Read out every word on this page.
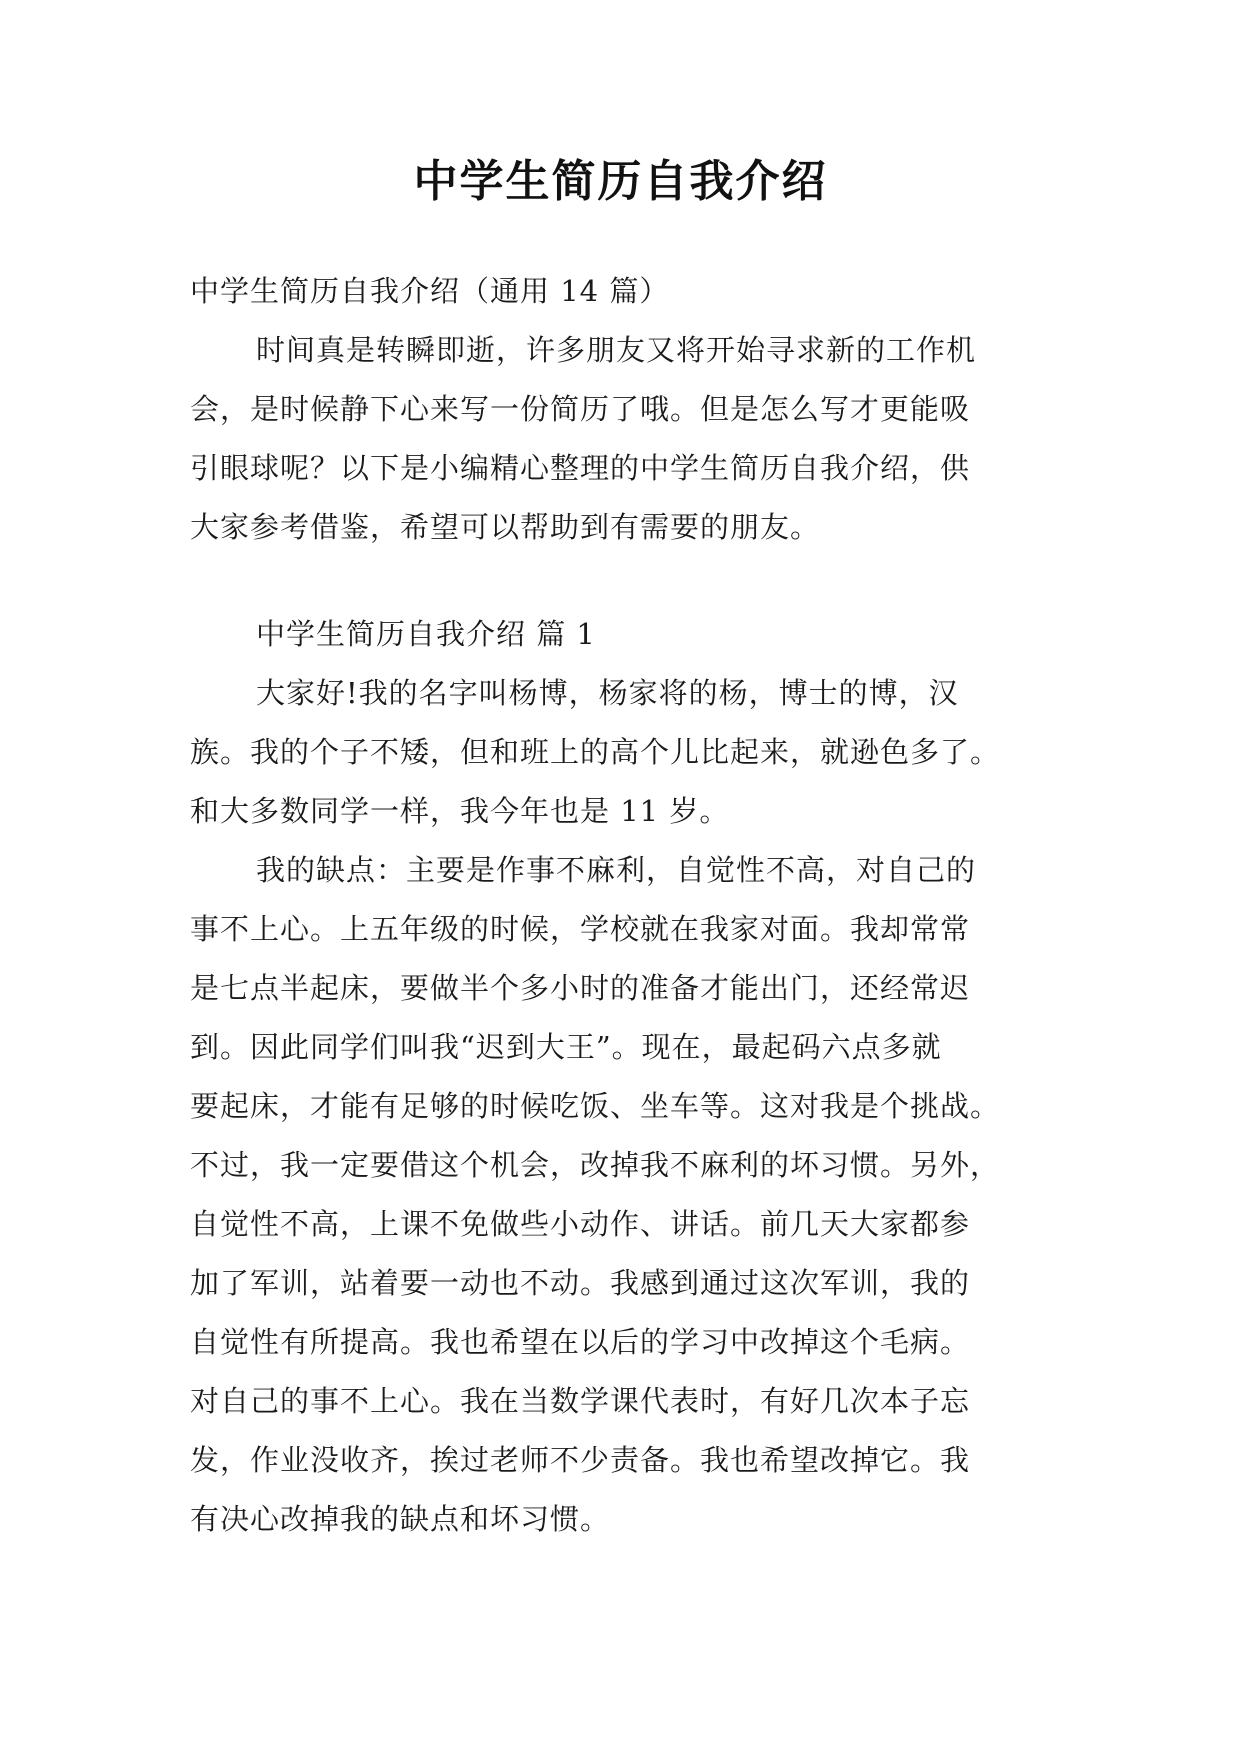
中学生简历自我介绍
中学生简历自我介绍（通用 14 篇）
时间真是转瞬即逝，许多朋友又将开始寻求新的工作机
会，是时候静下心来写一份简历了哦。但是怎么写才更能吸
引眼球呢？以下是小编精心整理的中学生简历自我介绍，供
大家参考借鉴，希望可以帮助到有需要的朋友。
中学生简历自我介绍 篇 1
大家好!我的名字叫杨博，杨家将的杨，博士的博，汉
族。我的个子不矮，但和班上的高个儿比起来，就逊色多了。
和大多数同学一样，我今年也是 11 岁。
我的缺点：主要是作事不麻利，自觉性不高，对自己的
事不上心。上五年级的时候，学校就在我家对面。我却常常
是七点半起床，要做半个多小时的准备才能出门，还经常迟
到。因此同学们叫我“迟到大王”。现在，最起码六点多就
要起床，才能有足够的时候吃饭、坐车等。这对我是个挑战。
不过，我一定要借这个机会，改掉我不麻利的坏习惯。另外，
自觉性不高，上课不免做些小动作、讲话。前几天大家都参
加了军训，站着要一动也不动。我感到通过这次军训，我的
自觉性有所提高。我也希望在以后的学习中改掉这个毛病。
对自己的事不上心。我在当数学课代表时，有好几次本子忘
发，作业没收齐，挨过老师不少责备。我也希望改掉它。我
有决心改掉我的缺点和坏习惯。
